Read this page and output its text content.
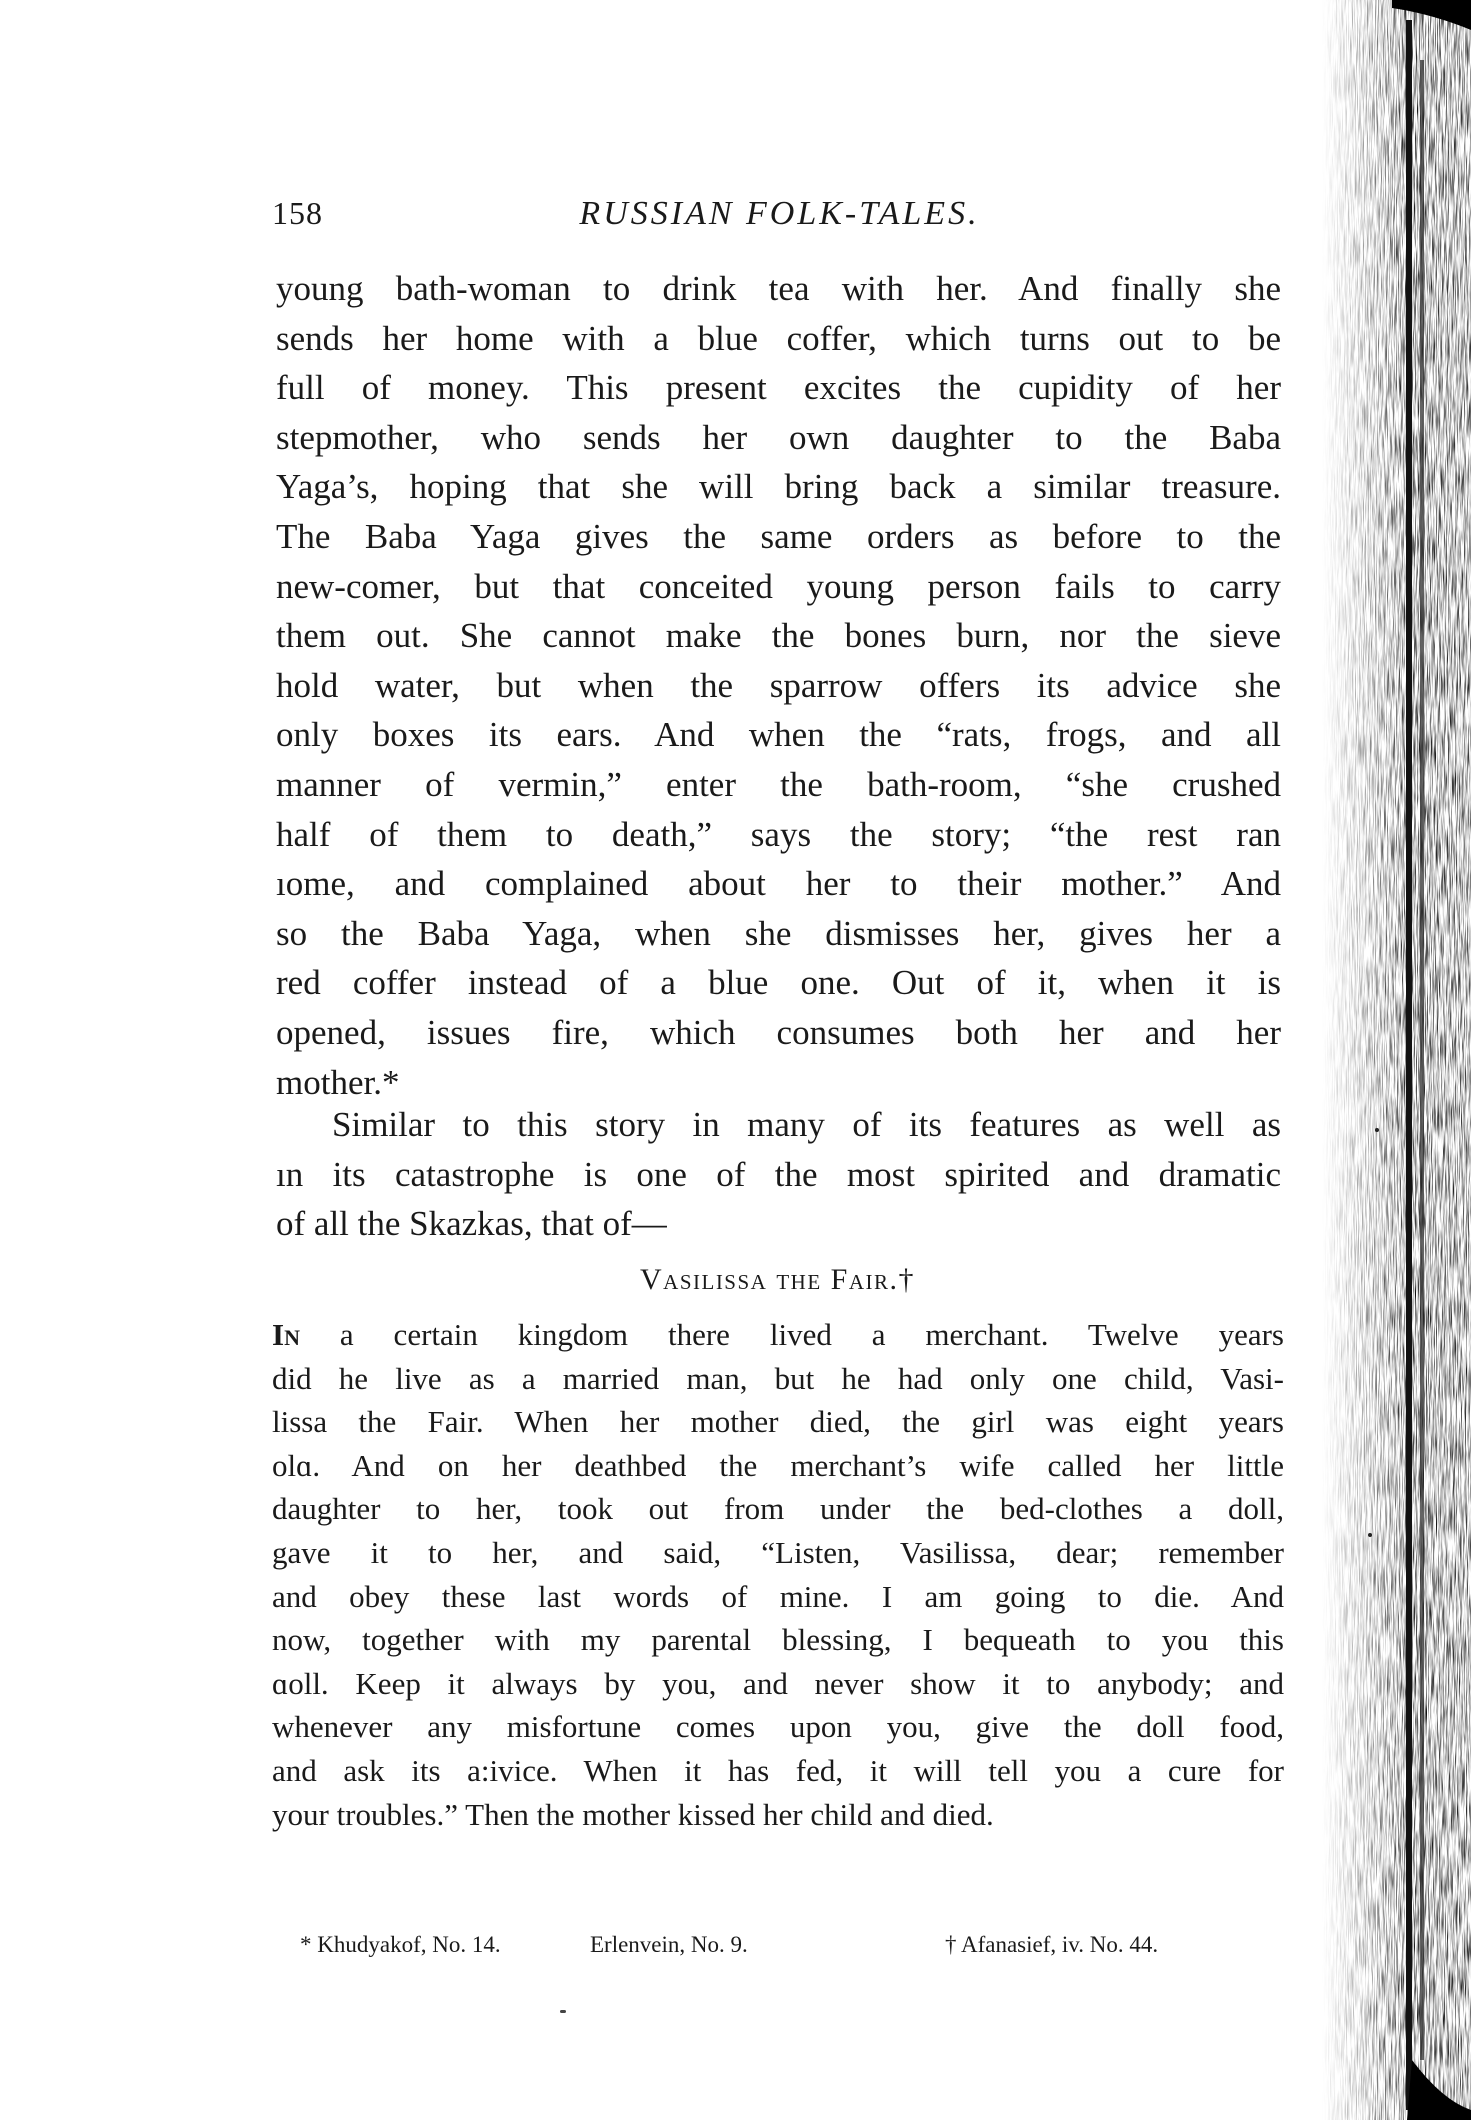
158	RUSSIAN FOLK-TALES.
young bath-woman to drink tea with her. And finally she
sends her home with a blue coffer, which turns out to be
full of money. This present excites the cupidity of her
stepmother, who sends her own daughter to the Baba
Yaga’s, hoping that she will bring back a similar treasure.
The Baba Yaga gives the same orders as before to the
new-comer, but that conceited young person fails to carry
them out. She cannot make the bones burn, nor the sieve
hold water, but when the sparrow offers its advice she
only boxes its ears. And when the “rats, frogs, and all
manner of vermin,” enter the bath-room, “she crushed
half of them to death,” says the story; “the rest ran
ıome, and complained about her to their mother.” And
so the Baba Yaga, when she dismisses her, gives her a
red coffer instead of a blue one. Out of it, when it is
opened, issues fire, which consumes both her and her
mother.*
Similar to this story in many of its features as well as
ın its catastrophe is one of the most spirited and dramatic
of all the Skazkas, that of—
Vasilissa the Fair.†
In a certain kingdom there lived a merchant. Twelve years
did he live as a married man, but he had only one child, Vasi-
lissa the Fair. When her mother died, the girl was eight years
olɑ. And on her deathbed the merchant’s wife called her little
daughter to her, took out from under the bed-clothes a doll,
gave it to her, and said, “Listen, Vasilissa, dear; remember
and obey these last words of mine. I am going to die. And
now, together with my parental blessing, I bequeath to you this
ɑoll. Keep it always by you, and never show it to anybody; and
whenever any misfortune comes upon you, give the doll food,
and ask its a:ivice. When it has fed, it will tell you a cure for
your troubles.” Then the mother kissed her child and died.
* Khudyakof, No. 14.	Erlenvein, No. 9.	† Afanasief, iv. No. 44.
